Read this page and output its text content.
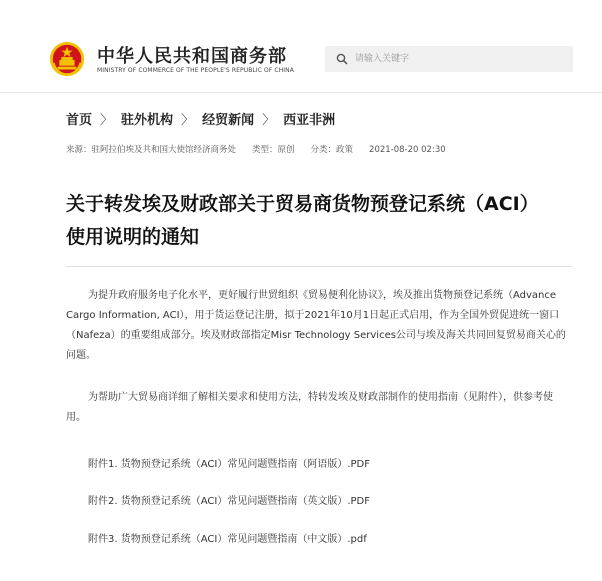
中华人民共和国商务部
MINISTRY OF COMMERCE OF THE PEOPLE'S REPUBLIC OF CHINA
请输入关键字
首页 〉 驻外机构 〉 经贸新闻 〉 西亚非洲
来源：驻阿拉伯埃及共和国大使馆经济商务处 类型：原创 分类：政策 2021-08-20 02:30
关于转发埃及财政部关于贸易商货物预登记系统（ACI）使用说明的通知
为提升政府服务电子化水平，更好履行世贸组织《贸易便利化协议》，埃及推出货物预登记系统（Advance Cargo Information, ACI），用于货运登记注册，拟于2021年10月1日起正式启用，作为全国外贸促进统一窗口（Nafeza）的重要组成部分。埃及财政部指定Misr Technology Services公司与埃及海关共同回复贸易商关心的问题。
为帮助广大贸易商详细了解相关要求和使用方法，特转发埃及财政部制作的使用指南（见附件），供参考使用。
附件1. 货物预登记系统（ACI）常见问题暨指南（阿语版）.PDF
附件2. 货物预登记系统（ACI）常见问题暨指南（英文版）.PDF
附件3. 货物预登记系统（ACI）常见问题暨指南（中文版）.pdf
